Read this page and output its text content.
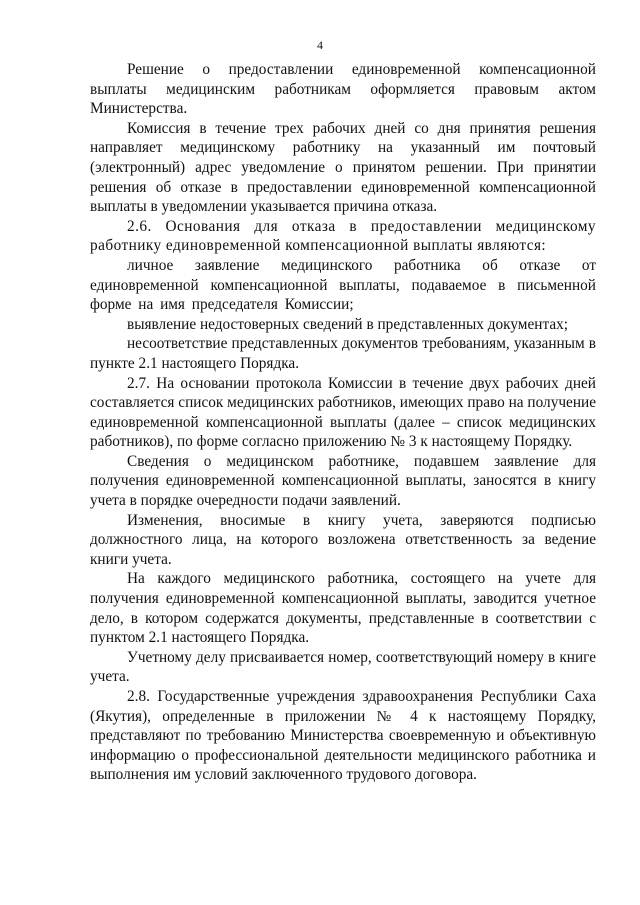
4

Решение о предоставлении единовременной компенсационной выплаты медицинским работникам оформляется правовым актом Министерства.

Комиссия в течение трех рабочих дней со дня принятия решения направляет медицинскому работнику на указанный им почтовый (электронный) адрес уведомление о принятом решении. При принятии решения об отказе в предоставлении единовременной компенсационной выплаты в уведомлении указывается причина отказа.

2.6. Основания для отказа в предоставлении медицинскому работнику единовременной компенсационной выплаты являются:

личное заявление медицинского работника об отказе от единовременной компенсационной выплаты, подаваемое в письменной форме на имя председателя Комиссии;

выявление недостоверных сведений в представленных документах;

несоответствие представленных документов требованиям, указанным в пункте 2.1 настоящего Порядка.

2.7. На основании протокола Комиссии в течение двух рабочих дней составляется список медицинских работников, имеющих право на получение единовременной компенсационной выплаты (далее – список медицинских работников), по форме согласно приложению № 3 к настоящему Порядку.

Сведения о медицинском работнике, подавшем заявление для получения единовременной компенсационной выплаты, заносятся в книгу учета в порядке очередности подачи заявлений.

Изменения, вносимые в книгу учета, заверяются подписью должностного лица, на которого возложена ответственность за ведение книги учета.

На каждого медицинского работника, состоящего на учете для получения единовременной компенсационной выплаты, заводится учетное дело, в котором содержатся документы, представленные в соответствии с пунктом 2.1 настоящего Порядка.

Учетному делу присваивается номер, соответствующий номеру в книге учета.

2.8. Государственные учреждения здравоохранения Республики Саха (Якутия), определенные в приложении № 4 к настоящему Порядку, представляют по требованию Министерства своевременную и объективную информацию о профессиональной деятельности медицинского работника и выполнения им условий заключенного трудового договора.
